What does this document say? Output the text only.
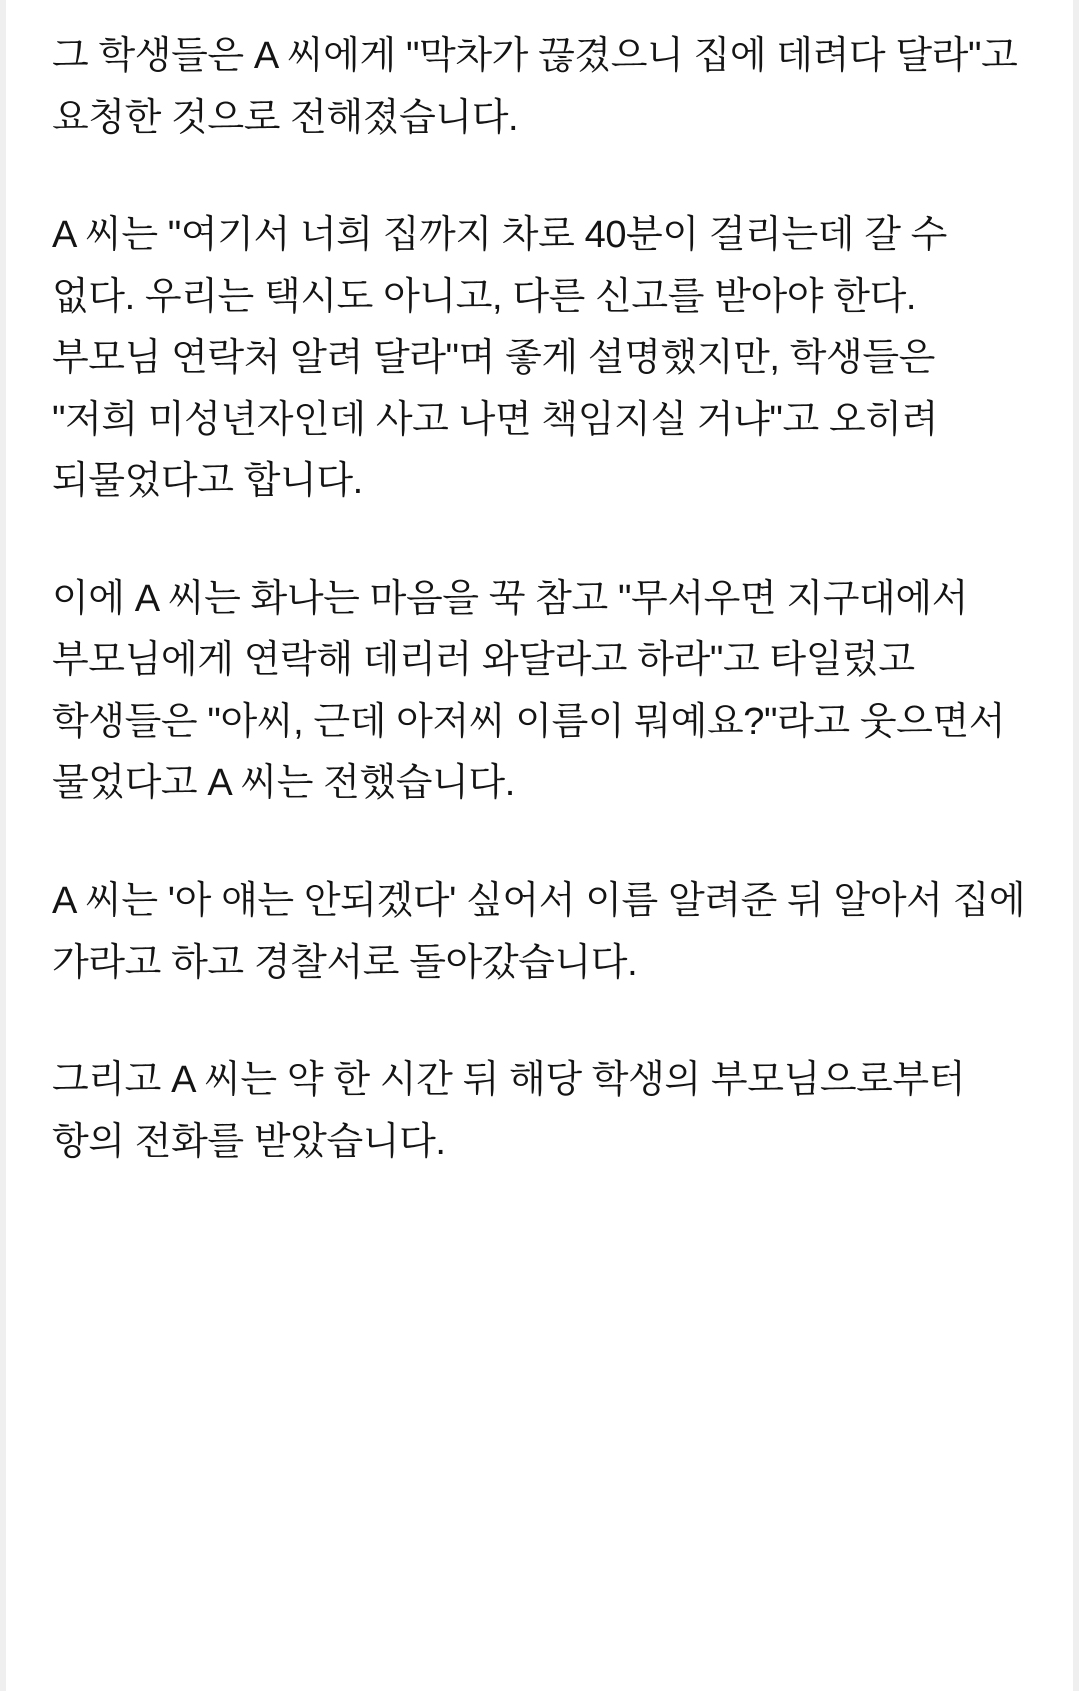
그 학생들은 A 씨에게 "막차가 끊겼으니 집에 데려다 달라"고 요청한 것으로 전해졌습니다.

A 씨는 "여기서 너희 집까지 차로 40분이 걸리는데 갈 수 없다. 우리는 택시도 아니고, 다른 신고를 받아야 한다. 부모님 연락처 알려 달라"며 좋게 설명했지만, 학생들은 "저희 미성년자인데 사고 나면 책임지실 거냐"고 오히려 되물었다고 합니다.

이에 A 씨는 화나는 마음을 꾹 참고 "무서우면 지구대에서 부모님에게 연락해 데리러 와달라고 하라"고 타일렀고 학생들은 "아씨, 근데 아저씨 이름이 뭐예요?"라고 웃으면서 물었다고 A 씨는 전했습니다.

A 씨는 '아 얘는 안되겠다' 싶어서 이름 알려준 뒤 알아서 집에 가라고 하고 경찰서로 돌아갔습니다.

그리고 A 씨는 약 한 시간 뒤 해당 학생의 부모님으로부터 항의 전화를 받았습니다.
